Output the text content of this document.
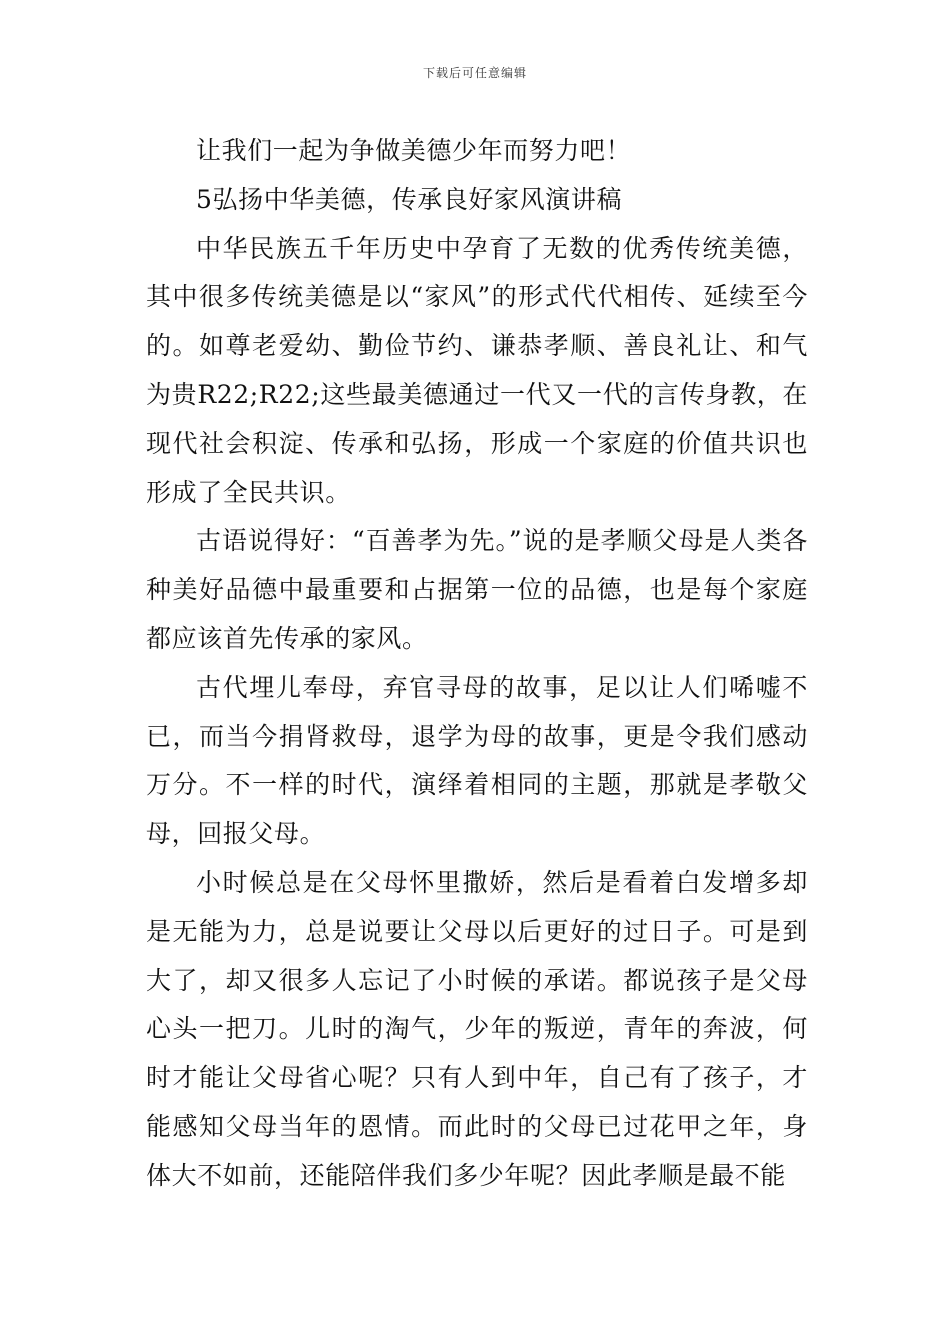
下载后可任意编辑

让我们一起为争做美德少年而努力吧！

5弘扬中华美德，传承良好家风演讲稿

中华民族五千年历史中孕育了无数的优秀传统美德，其中很多传统美德是以“家风”的形式代代相传、延续至今的。如尊老爱幼、勤俭节约、谦恭孝顺、善良礼让、和气为贵R22;R22;这些最美德通过一代又一代的言传身教，在现代社会积淀、传承和弘扬，形成一个家庭的价值共识也形成了全民共识。

古语说得好：“百善孝为先。”说的是孝顺父母是人类各种美好品德中最重要和占据第一位的品德，也是每个家庭都应该首先传承的家风。

古代埋儿奉母，弃官寻母的故事，足以让人们唏嘘不已，而当今捐肾救母，退学为母的故事，更是令我们感动万分。不一样的时代，演绎着相同的主题，那就是孝敬父母，回报父母。

小时候总是在父母怀里撒娇，然后是看着白发增多却是无能为力，总是说要让父母以后更好的过日子。可是到大了，却又很多人忘记了小时候的承诺。都说孩子是父母心头一把刀。儿时的淘气，少年的叛逆，青年的奔波，何时才能让父母省心呢？只有人到中年，自己有了孩子，才能感知父母当年的恩情。而此时的父母已过花甲之年，身体大不如前，还能陪伴我们多少年呢？因此孝顺是最不能
